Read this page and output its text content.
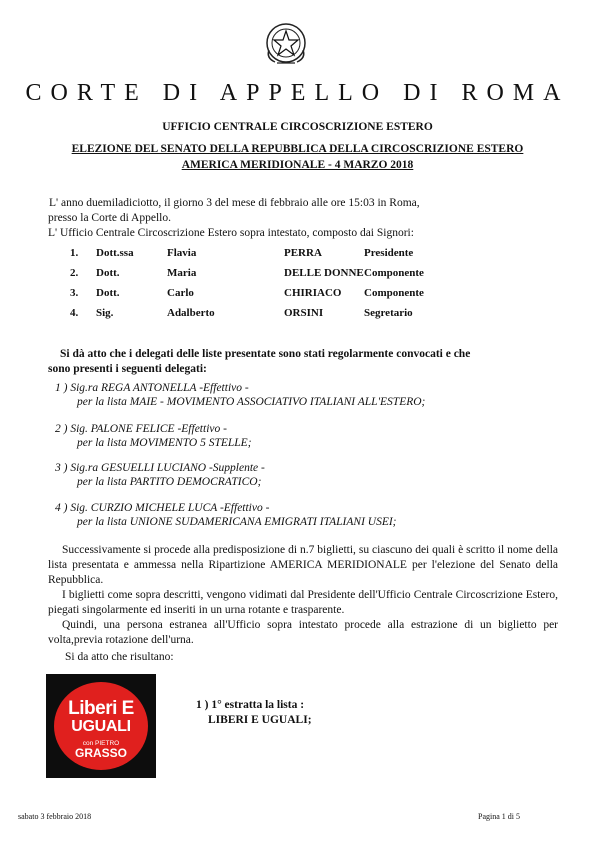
CORTE DI APPELLO DI ROMA
UFFICIO CENTRALE CIRCOSCRIZIONE ESTERO
ELEZIONE DEL SENATO DELLA REPUBBLICA DELLA CIRCOSCRIZIONE ESTERO
AMERICA MERIDIONALE - 4 MARZO 2018
L' anno duemiladiciotto, il giorno 3 del mese di febbraio alle ore 15:03 in Roma,
presso la Corte di Appello.
L' Ufficio Centrale Circoscrizione Estero sopra intestato, composto dai Signori:
1. Dott.ssa	Flavia	PERRA	Presidente
2. Dott.	Maria	DELLE DONNE Componente
3. Dott.	Carlo	CHIRIACO Componente
4. Sig.	Adalberto	ORSINI	Segretario
Si dà atto che i delegati delle liste presentate sono stati regolarmente convocati e che
sono presenti i seguenti delegati:
1 ) Sig.ra REGA ANTONELLA -Effettivo -
per la lista MAIE - MOVIMENTO ASSOCIATIVO ITALIANI ALL'ESTERO;
2 ) Sig. PALONE FELICE -Effettivo -
per la lista MOVIMENTO 5 STELLE;
3 ) Sig.ra GESUELLI LUCIANO -Supplente -
per la lista PARTITO DEMOCRATICO;
4 ) Sig. CURZIO MICHELE LUCA -Effettivo -
per la lista UNIONE SUDAMERICANA EMIGRATI ITALIANI USEI;
Successivamente si procede alla predisposizione di n.7 biglietti, su ciascuno dei quali è scritto il nome della lista presentata e ammessa nella Ripartizione AMERICA MERIDIONALE per l'elezione del Senato della Repubblica.
I biglietti come sopra descritti, vengono vidimati dal Presidente dell'Ufficio Centrale Circoscrizione Estero, piegati singolarmente ed inseriti in un urna rotante e trasparente.
Quindi, una persona estranea all'Ufficio sopra intestato procede alla estrazione di un biglietto per volta,previa rotazione dell'urna.
Si da atto che risultano:
Liberi E
UGUALI
con PIETRO
GRASSO
1 ) 1° estratta la lista :
LIBERI E UGUALI;
sabato 3 febbraio 2018	Pagina 1 di 5
